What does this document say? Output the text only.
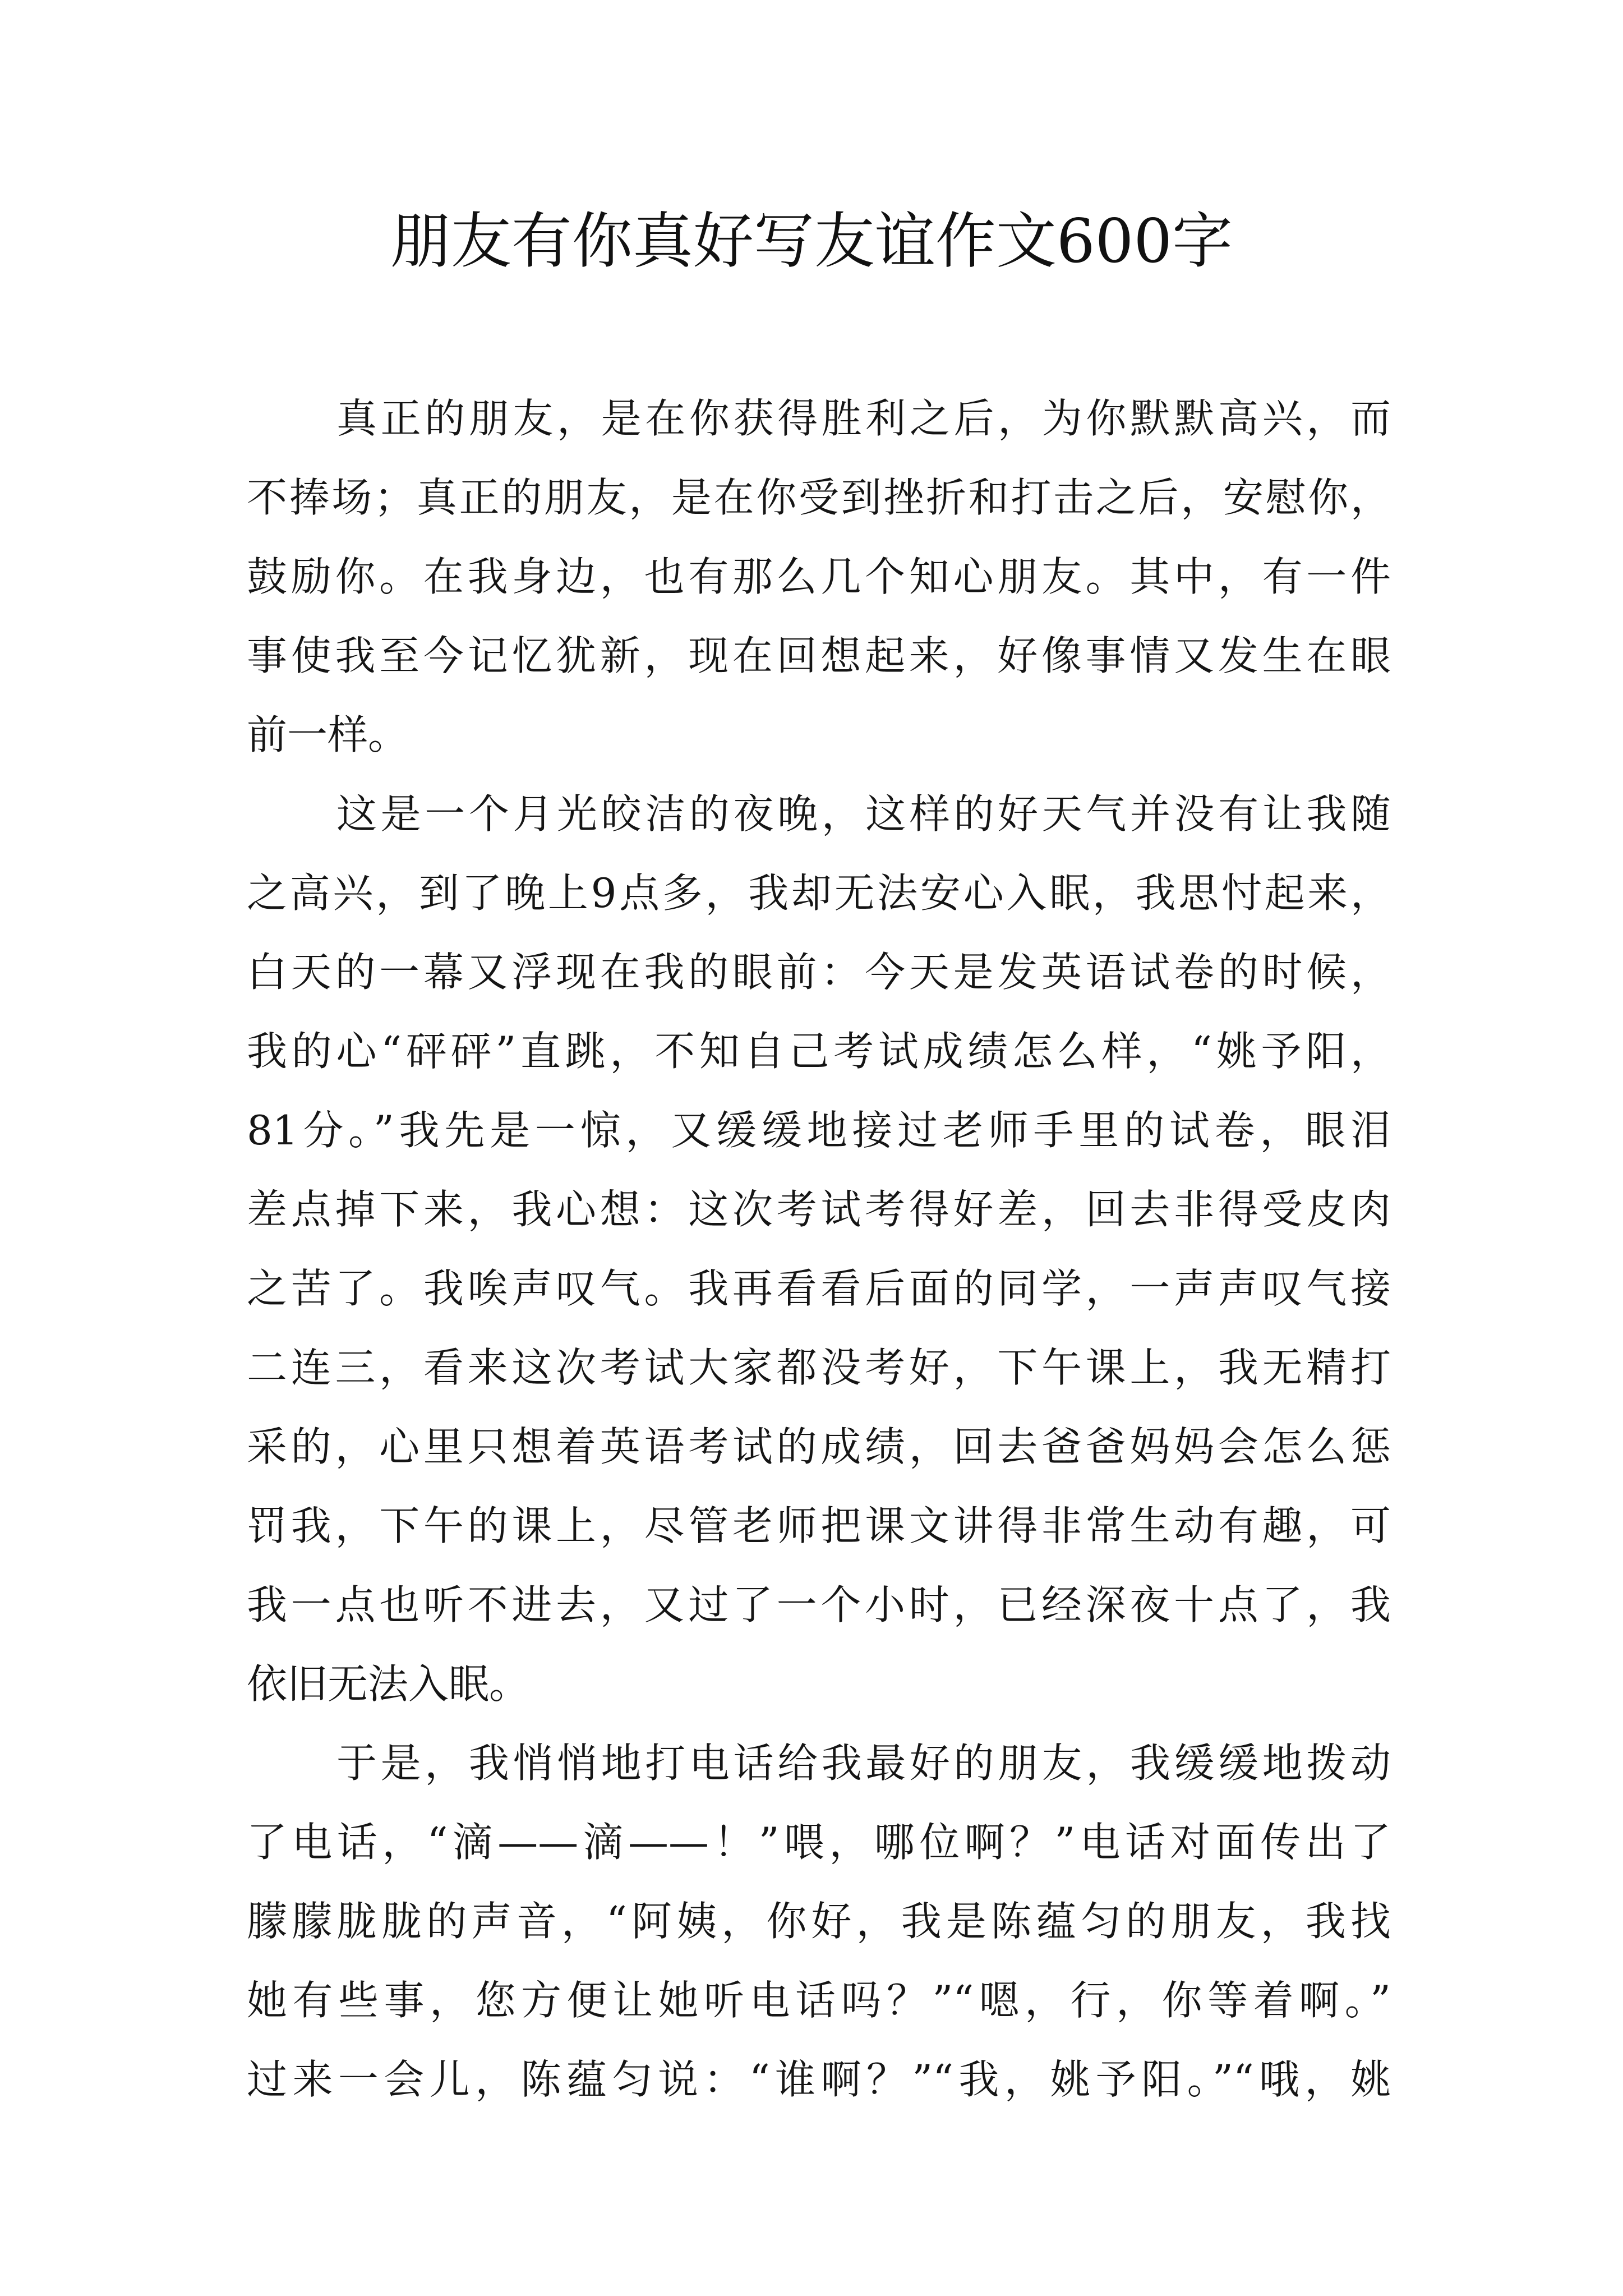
朋友有你真好写友谊作文600字
真正的朋友，是在你获得胜利之后，为你默默高兴，而
不捧场；真正的朋友，是在你受到挫折和打击之后，安慰你，
鼓励你。在我身边，也有那么几个知心朋友。其中，有一件
事使我至今记忆犹新，现在回想起来，好像事情又发生在眼
前一样。
这是一个月光皎洁的夜晚，这样的好天气并没有让我随
之高兴，到了晚上9点多，我却无法安心入眠，我思忖起来，
白天的一幕又浮现在我的眼前：今天是发英语试卷的时候，
我的心“砰砰”直跳，不知自己考试成绩怎么样，“姚予阳，
81分。”我先是一惊，又缓缓地接过老师手里的试卷，眼泪
差点掉下来，我心想：这次考试考得好差，回去非得受皮肉
之苦了。我唉声叹气。我再看看后面的同学，一声声叹气接
二连三，看来这次考试大家都没考好，下午课上，我无精打
采的，心里只想着英语考试的成绩，回去爸爸妈妈会怎么惩
罚我，下午的课上，尽管老师把课文讲得非常生动有趣，可
我一点也听不进去，又过了一个小时，已经深夜十点了，我
依旧无法入眠。
于是，我悄悄地打电话给我最好的朋友，我缓缓地拨动
了电话，“滴——滴——！”喂，哪位啊？”电话对面传出了
朦朦胧胧的声音，“阿姨，你好，我是陈蕴匀的朋友，我找
她有些事，您方便让她听电话吗？”“嗯，行，你等着啊。”
过来一会儿，陈蕴匀说：“谁啊？”“我，姚予阳。”“哦，姚
